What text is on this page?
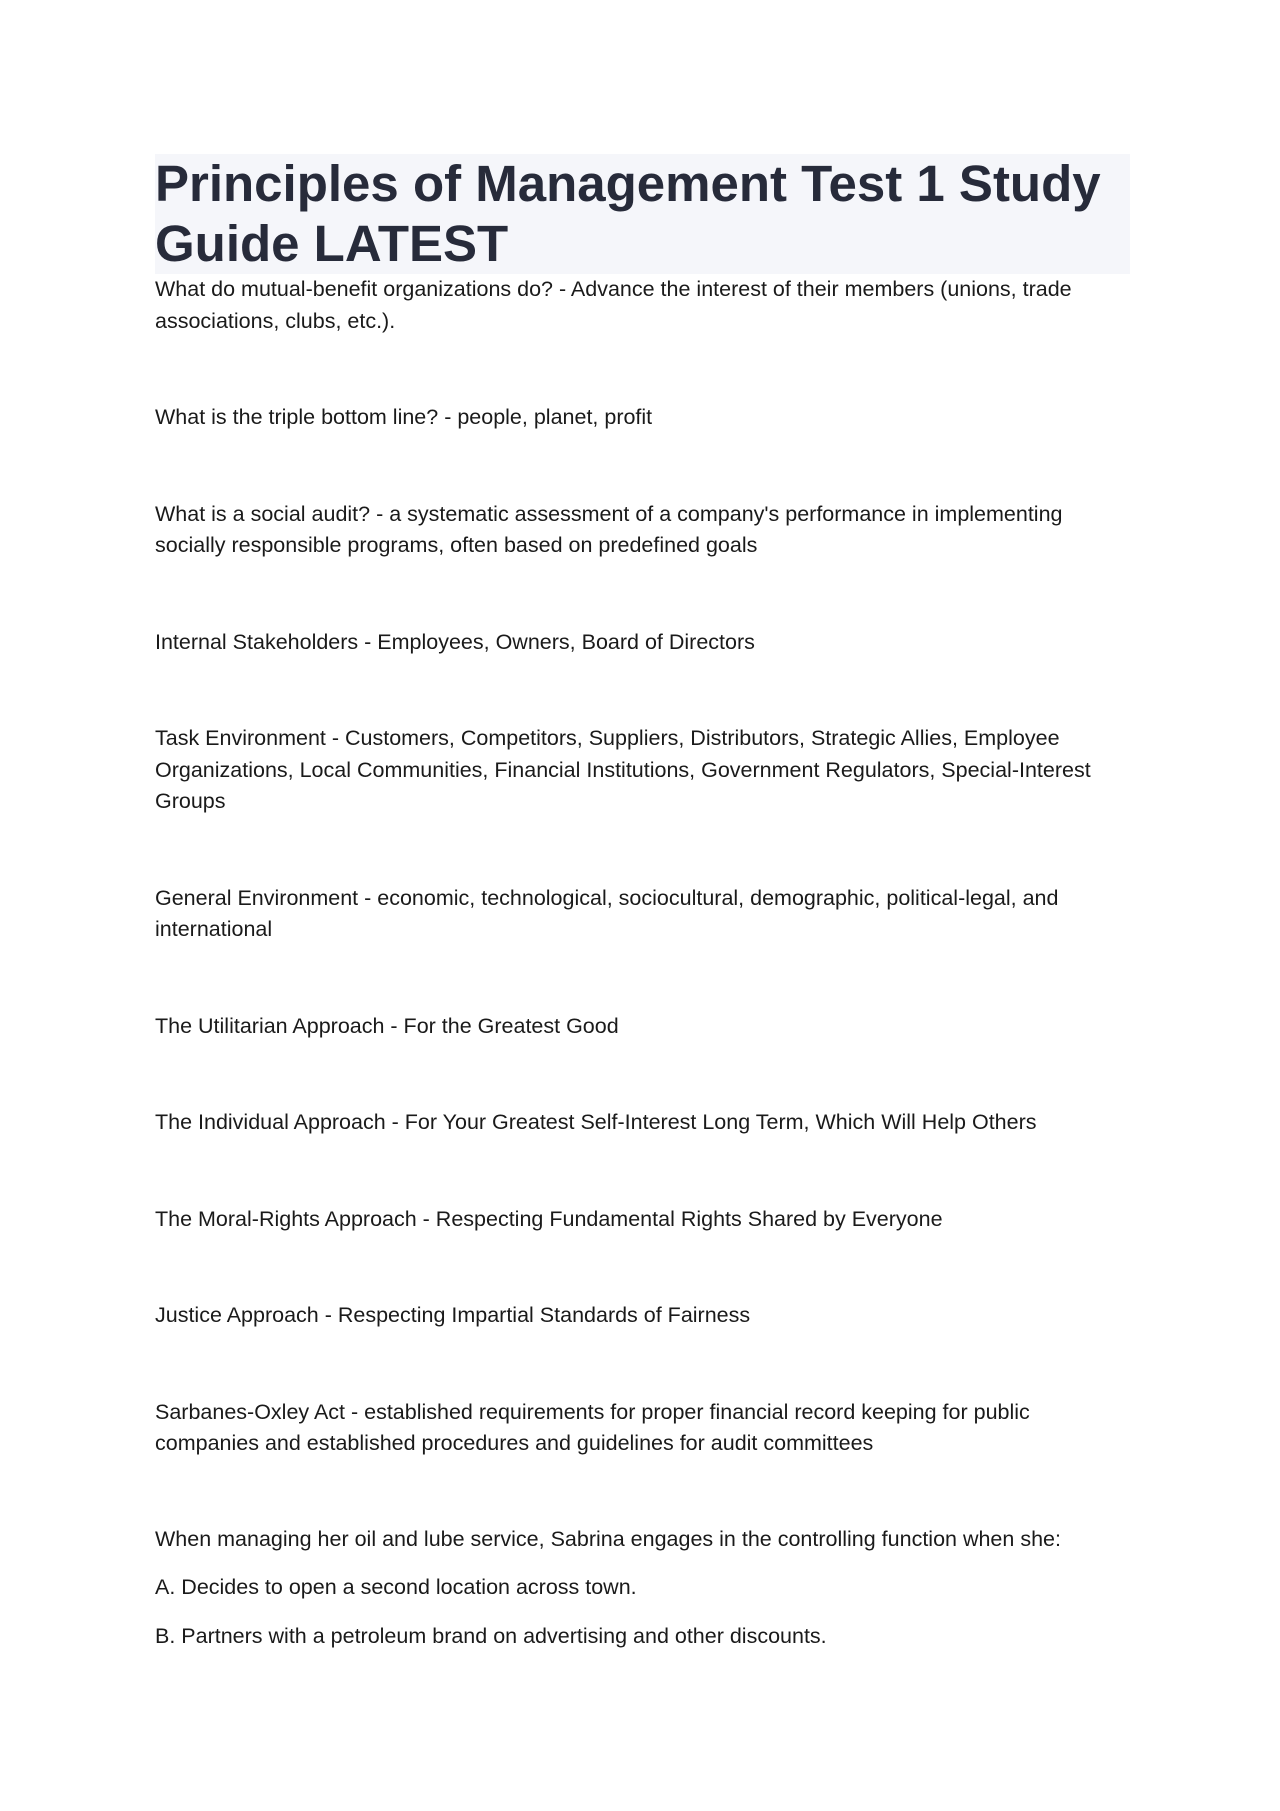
Principles of Management Test 1 Study Guide LATEST

What do mutual-benefit organizations do? - Advance the interest of their members (unions, trade associations, clubs, etc.).

What is the triple bottom line? - people, planet, profit

What is a social audit? - a systematic assessment of a company's performance in implementing socially responsible programs, often based on predefined goals

Internal Stakeholders - Employees, Owners, Board of Directors

Task Environment - Customers, Competitors, Suppliers, Distributors, Strategic Allies, Employee Organizations, Local Communities, Financial Institutions, Government Regulators, Special-Interest Groups

General Environment - economic, technological, sociocultural, demographic, political-legal, and international

The Utilitarian Approach - For the Greatest Good

The Individual Approach - For Your Greatest Self-Interest Long Term, Which Will Help Others

The Moral-Rights Approach - Respecting Fundamental Rights Shared by Everyone

Justice Approach - Respecting Impartial Standards of Fairness

Sarbanes-Oxley Act - established requirements for proper financial record keeping for public companies and established procedures and guidelines for audit committees

When managing her oil and lube service, Sabrina engages in the controlling function when she:

A. Decides to open a second location across town.

B. Partners with a petroleum brand on advertising and other discounts.
